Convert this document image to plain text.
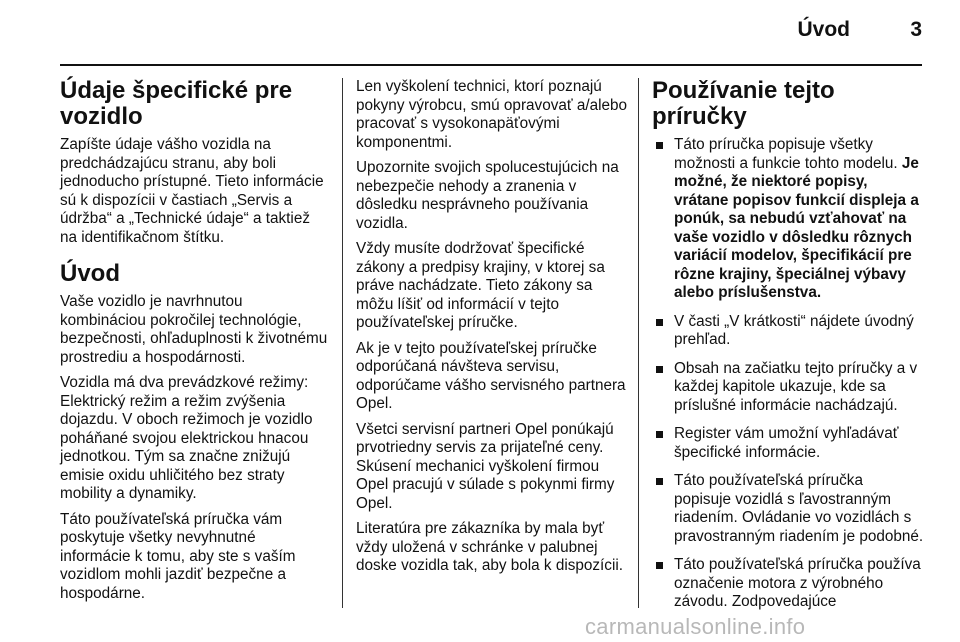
Úvod	3
Údaje špecifické pre vozidlo

Zapíšte údaje vášho vozidla na predchádzajúcu stranu, aby boli jednoducho prístupné. Tieto informácie sú k dispozícii v častiach „Servis a údržba“ a „Technické údaje“ a taktiež na identifikačnom štítku.

Úvod

Vaše vozidlo je navrhnutou kombináciou pokročilej technológie, bezpečnosti, ohľaduplnosti k životnému prostrediu a hospodárnosti.

Vozidla má dva prevádzkové režimy: Elektrický režim a režim zvýšenia dojazdu. V oboch režimoch je vozidlo poháňané svojou elektrickou hnacou jednotkou. Tým sa značne znižujú emisie oxidu uhličitého bez straty mobility a dynamiky.

Táto používateľská príručka vám poskytuje všetky nevyhnutné informácie k tomu, aby ste s vaším vozidlom mohli jazdiť bezpečne a hospodárne.

Len vyškolení technici, ktorí poznajú pokyny výrobcu, smú opravovať a/alebo pracovať s vysokonapäťovými komponentmi.

Upozornite svojich spolucestujúcich na nebezpečie nehody a zranenia v dôsledku nesprávneho používania vozidla.

Vždy musíte dodržovať špecifické zákony a predpisy krajiny, v ktorej sa práve nachádzate. Tieto zákony sa môžu líšiť od informácií v tejto používateľskej príručke.

Ak je v tejto používateľskej príručke odporúčaná návšteva servisu, odporúčame vášho servisného partnera Opel.

Všetci servisní partneri Opel ponúkajú prvotriedny servis za prijateľné ceny. Skúsení mechanici vyškolení firmou Opel pracujú v súlade s pokynmi firmy Opel.

Literatúra pre zákazníka by mala byť vždy uložená v schránke v palubnej doske vozidla tak, aby bola k dispozícii.

Používanie tejto príručky
Táto príručka popisuje všetky možnosti a funkcie tohto modelu. Je možné, že niektoré popisy, vrátane popisov funkcií displeja a ponúk, sa nebudú vzťahovať na vaše vozidlo v dôsledku rôznych variácií modelov, špecifikácií pre rôzne krajiny, špeciálnej výbavy alebo príslušenstva.
V časti „V krátkosti“ nájdete úvodný prehľad.
Obsah na začiatku tejto príručky a v každej kapitole ukazuje, kde sa príslušné informácie nachádzajú.
Register vám umožní vyhľadávať špecifické informácie.
Táto používateľská príručka popisuje vozidlá s ľavostranným riadením. Ovládanie vo vozidlách s pravostranným riadením je podobné.
Táto používateľská príručka používa označenie motora z výrobného závodu. Zodpovedajúce
carmanualsonline.info
